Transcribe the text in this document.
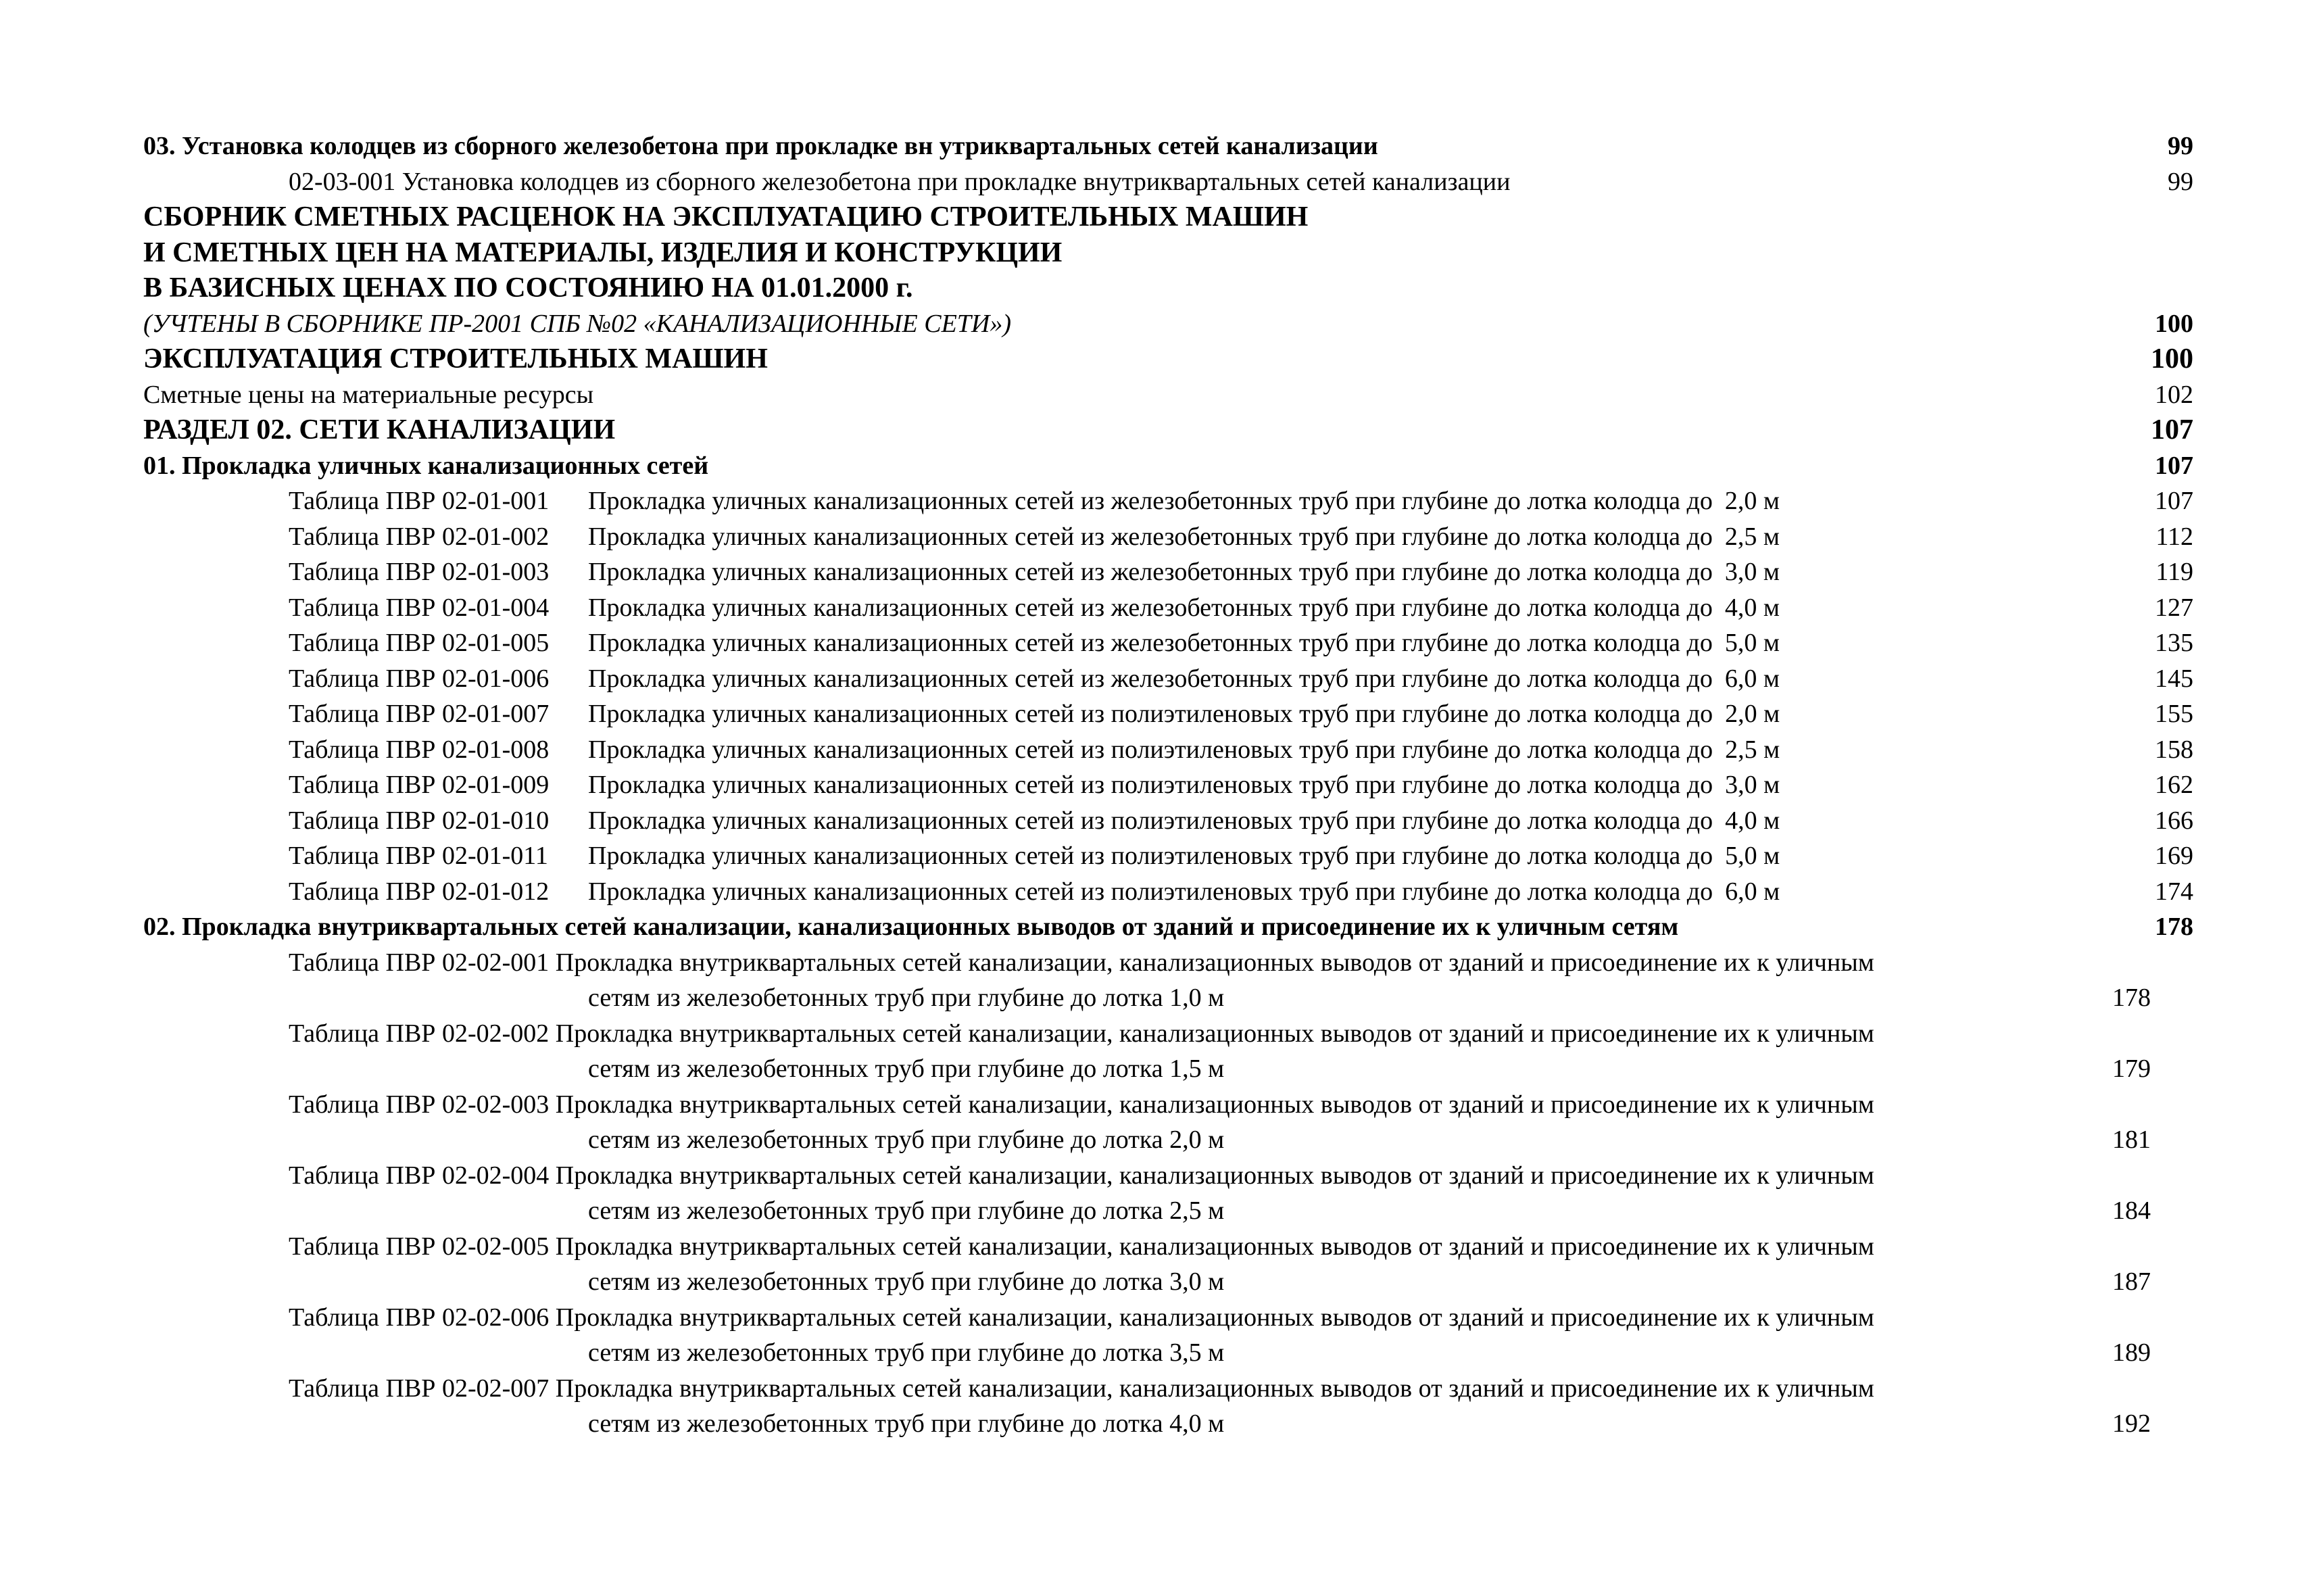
03. Установка колодцев из сборного железобетона при прокладке вн утриквартальных сетей канализации	99
02-03-001 Установка колодцев из сборного железобетона при прокладке внутриквартальных сетей канализации	99
СБОРНИК СМЕТНЫХ РАСЦЕНОК НА ЭКСПЛУАТАЦИЮ СТРОИТЕЛЬНЫХ МАШИН
И СМЕТНЫХ ЦЕН НА МАТЕРИАЛЫ, ИЗДЕЛИЯ И КОНСТРУКЦИИ
В БАЗИСНЫХ ЦЕНАХ ПО СОСТОЯНИЮ НА 01.01.2000 г.
(УЧТЕНЫ В СБОРНИКЕ ПР-2001 СПБ №02 «КАНАЛИЗАЦИОННЫЕ СЕТИ»)	100
ЭКСПЛУАТАЦИЯ СТРОИТЕЛЬНЫХ МАШИН	100
Сметные цены на материальные ресурсы	102
РАЗДЕЛ 02. СЕТИ КАНАЛИЗАЦИИ	107
01. Прокладка уличных канализационных сетей	107
Таблица ПВР 02-01-001 Прокладка уличных канализационных сетей из железобетонных труб при глубине до лотка колодца до 2,0 м	107
Таблица ПВР 02-01-002 Прокладка уличных канализационных сетей из железобетонных труб при глубине до лотка колодца до 2,5 м	112
Таблица ПВР 02-01-003 Прокладка уличных канализационных сетей из железобетонных труб при глубине до лотка колодца до 3,0 м	119
Таблица ПВР 02-01-004 Прокладка уличных канализационных сетей из железобетонных труб при глубине до лотка колодца до 4,0 м	127
Таблица ПВР 02-01-005 Прокладка уличных канализационных сетей из железобетонных труб при глубине до лотка колодца до 5,0 м	135
Таблица ПВР 02-01-006 Прокладка уличных канализационных сетей из железобетонных труб при глубине до лотка колодца до 6,0 м	145
Таблица ПВР 02-01-007 Прокладка уличных канализационных сетей из полиэтиленовых труб при глубине до лотка колодца до 2,0 м	155
Таблица ПВР 02-01-008 Прокладка уличных канализационных сетей из полиэтиленовых труб при глубине до лотка колодца до 2,5 м	158
Таблица ПВР 02-01-009 Прокладка уличных канализационных сетей из полиэтиленовых труб при глубине до лотка колодца до 3,0 м	162
Таблица ПВР 02-01-010 Прокладка уличных канализационных сетей из полиэтиленовых труб при глубине до лотка колодца до 4,0 м	166
Таблица ПВР 02-01-011 Прокладка уличных канализационных сетей из полиэтиленовых труб при глубине до лотка колодца до 5,0 м	169
Таблица ПВР 02-01-012 Прокладка уличных канализационных сетей из полиэтиленовых труб при глубине до лотка колодца до 6,0 м	174
02. Прокладка внутриквартальных сетей канализации, канализационных выводов от зданий и присоединение их к уличным сетям	178
Таблица ПВР 02-02-001 Прокладка внутриквартальных сетей канализации, канализационных выводов от зданий и присоединение их к уличным
сетям из железобетонных труб при глубине до лотка 1,0 м	178
Таблица ПВР 02-02-002 Прокладка внутриквартальных сетей канализации, канализационных выводов от зданий и присоединение их к уличным
сетям из железобетонных труб при глубине до лотка 1,5 м	179
Таблица ПВР 02-02-003 Прокладка внутриквартальных сетей канализации, канализационных выводов от зданий и присоединение их к уличным
сетям из железобетонных труб при глубине до лотка 2,0 м	181
Таблица ПВР 02-02-004 Прокладка внутриквартальных сетей канализации, канализационных выводов от зданий и присоединение их к уличным
сетям из железобетонных труб при глубине до лотка 2,5 м	184
Таблица ПВР 02-02-005 Прокладка внутриквартальных сетей канализации, канализационных выводов от зданий и присоединение их к уличным
сетям из железобетонных труб при глубине до лотка 3,0 м	187
Таблица ПВР 02-02-006 Прокладка внутриквартальных сетей канализации, канализационных выводов от зданий и присоединение их к уличным
сетям из железобетонных труб при глубине до лотка 3,5 м	189
Таблица ПВР 02-02-007 Прокладка внутриквартальных сетей канализации, канализационных выводов от зданий и присоединение их к уличным
сетям из железобетонных труб при глубине до лотка 4,0 м	192
